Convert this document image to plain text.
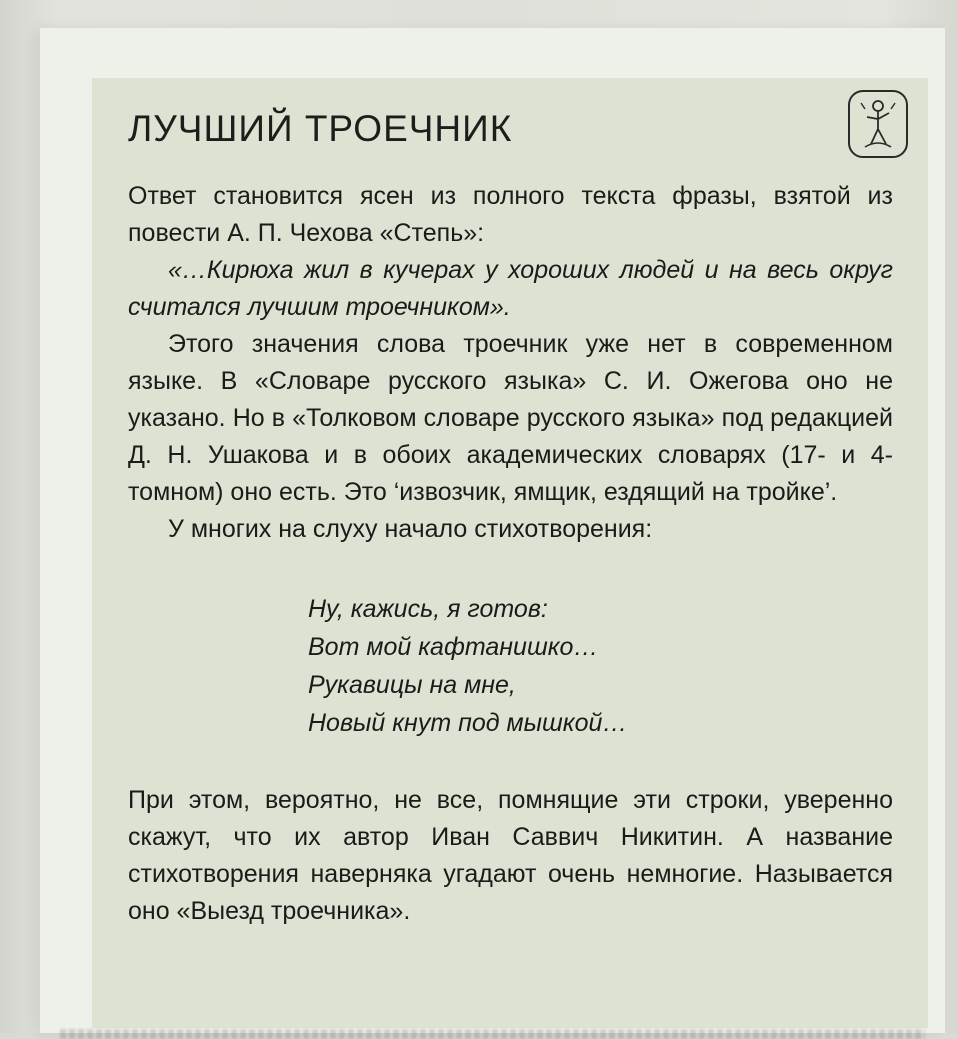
ЛУЧШИЙ ТРОЕЧНИК

Ответ становится ясен из полного текста фразы, взятой из повести А. П. Чехова «Степь»:

«…Кирюха жил в кучерах у хороших людей и на весь округ считался лучшим троечником».

Этого значения слова троечник уже нет в современном языке. В «Словаре русского языка» С. И. Ожегова оно не указано. Но в «Толковом словаре русского языка» под редакцией Д. Н. Ушакова и в обоих академических словарях (17- и 4-томном) оно есть. Это ‘извозчик, ямщик, ездящий на тройке’.

У многих на слуху начало стихотворения:

Ну, кажись, я готов:
Вот мой кафтанишко…
Рукавицы на мне,
Новый кнут под мышкой…

При этом, вероятно, не все, помнящие эти строки, уверенно скажут, что их автор Иван Саввич Никитин. А название стихотворения наверняка угадают очень немногие. Называется оно «Выезд троечника».
